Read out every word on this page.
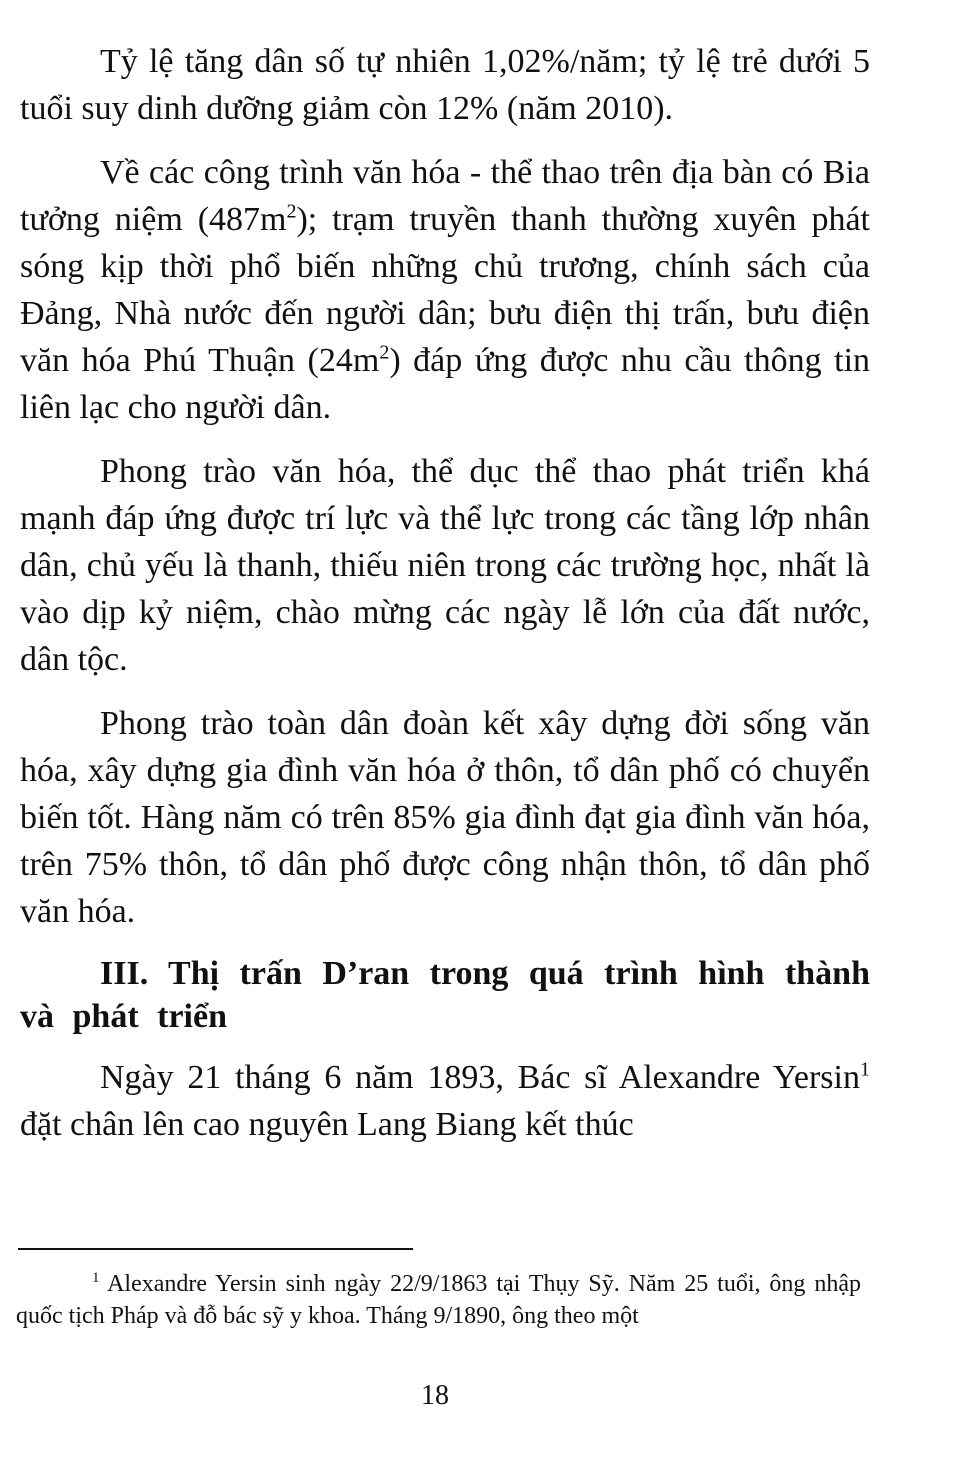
Tỷ lệ tăng dân số tự nhiên 1,02%/năm; tỷ lệ trẻ dưới 5 tuổi suy dinh dưỡng giảm còn 12% (năm 2010).

Về các công trình văn hóa - thể thao trên địa bàn có Bia tưởng niệm $(487m^2)$; trạm truyền thanh thường xuyên phát sóng kịp thời phổ biến những chủ trương, chính sách của Đảng, Nhà nước đến người dân; bưu điện thị trấn, bưu điện văn hóa Phú Thuận $(24m^2)$ đáp ứng được nhu cầu thông tin liên lạc cho người dân.

Phong trào văn hóa, thể dục thể thao phát triển khá mạnh đáp ứng được trí lực và thể lực trong các tầng lớp nhân dân, chủ yếu là thanh, thiếu niên trong các trường học, nhất là vào dịp kỷ niệm, chào mừng các ngày lễ lớn của đất nước, dân tộc.

Phong trào toàn dân đoàn kết xây dựng đời sống văn hóa, xây dựng gia đình văn hóa ở thôn, tổ dân phố có chuyển biến tốt. Hàng năm có trên 85% gia đình đạt gia đình văn hóa, trên 75% thôn, tổ dân phố được công nhận thôn, tổ dân phố văn hóa.

III. Thị trấn D’ran trong quá trình hình thành và phát triển

Ngày 21 tháng 6 năm 1893, Bác sĩ Alexandre Yersin$^1$ đặt chân lên cao nguyên Lang Biang kết thúc

$^1$ Alexandre Yersin sinh ngày 22/9/1863 tại Thụy Sỹ. Năm 25 tuổi, ông nhập quốc tịch Pháp và đỗ bác sỹ y khoa. Tháng 9/1890, ông theo một
18
